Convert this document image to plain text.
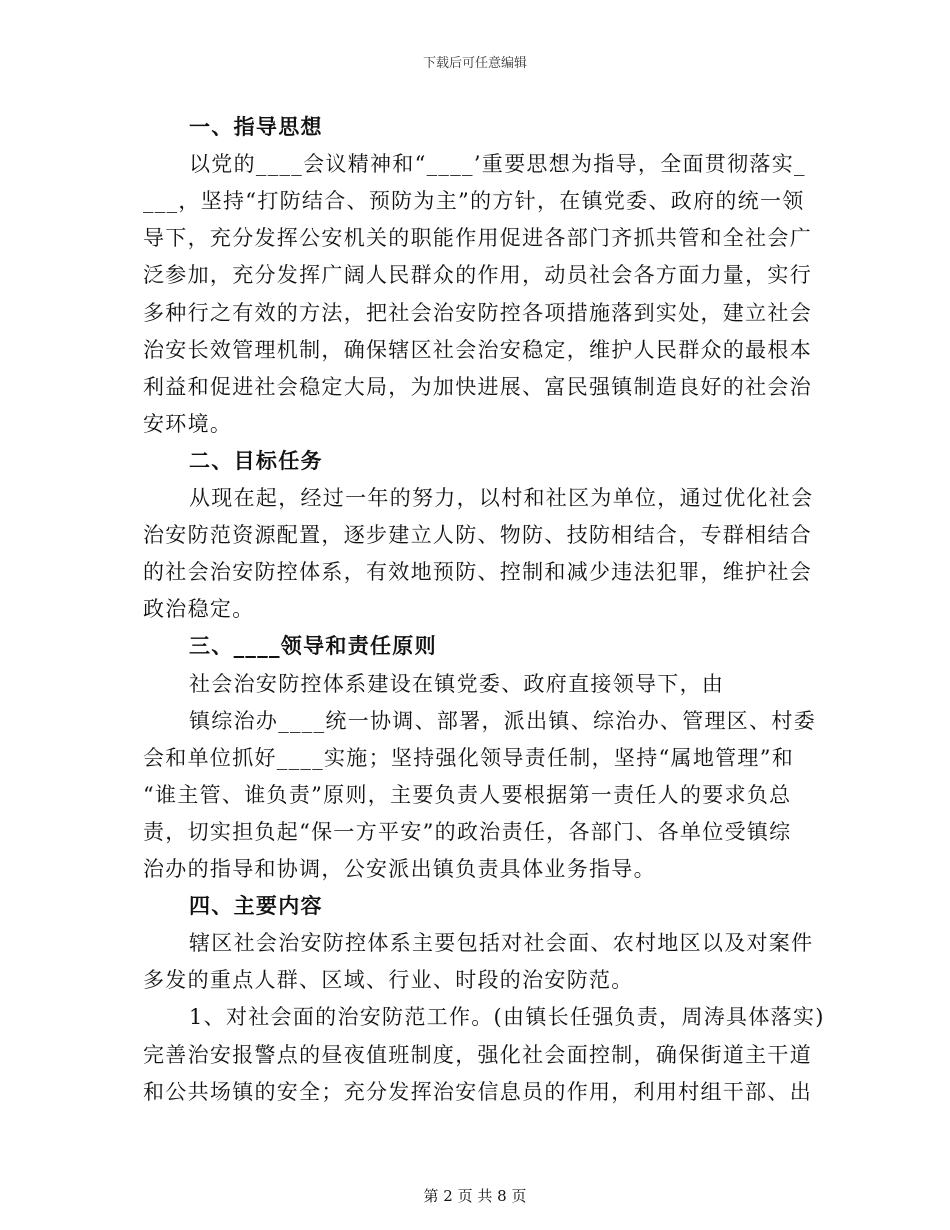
下载后可任意编辑
一、指导思想
以党的____会议精神和“____’重要思想为指导，全面贯彻落实_
___，坚持“打防结合、预防为主”的方针，在镇党委、政府的统一领
导下，充分发挥公安机关的职能作用促进各部门齐抓共管和全社会广
泛参加，充分发挥广阔人民群众的作用，动员社会各方面力量，实行
多种行之有效的方法，把社会治安防控各项措施落到实处，建立社会
治安长效管理机制，确保辖区社会治安稳定，维护人民群众的最根本
利益和促进社会稳定大局，为加快进展、富民强镇制造良好的社会治
安环境。
二、目标任务
从现在起，经过一年的努力，以村和社区为单位，通过优化社会
治安防范资源配置，逐步建立人防、物防、技防相结合，专群相结合
的社会治安防控体系，有效地预防、控制和减少违法犯罪，维护社会
政治稳定。
三、____领导和责任原则
社会治安防控体系建设在镇党委、政府直接领导下，由
镇综治办____统一协调、部署，派出镇、综治办、管理区、村委
会和单位抓好____实施；坚持强化领导责任制，坚持“属地管理”和
“谁主管、谁负责”原则，主要负责人要根据第一责任人的要求负总
责，切实担负起“保一方平安”的政治责任，各部门、各单位受镇综
治办的指导和协调，公安派出镇负责具体业务指导。
四、主要内容
辖区社会治安防控体系主要包括对社会面、农村地区以及对案件
多发的重点人群、区域、行业、时段的治安防范。
1、对社会面的治安防范工作。(由镇长任强负责，周涛具体落实)
完善治安报警点的昼夜值班制度，强化社会面控制，确保街道主干道
和公共场镇的安全；充分发挥治安信息员的作用，利用村组干部、出
第 2 页 共 8 页
